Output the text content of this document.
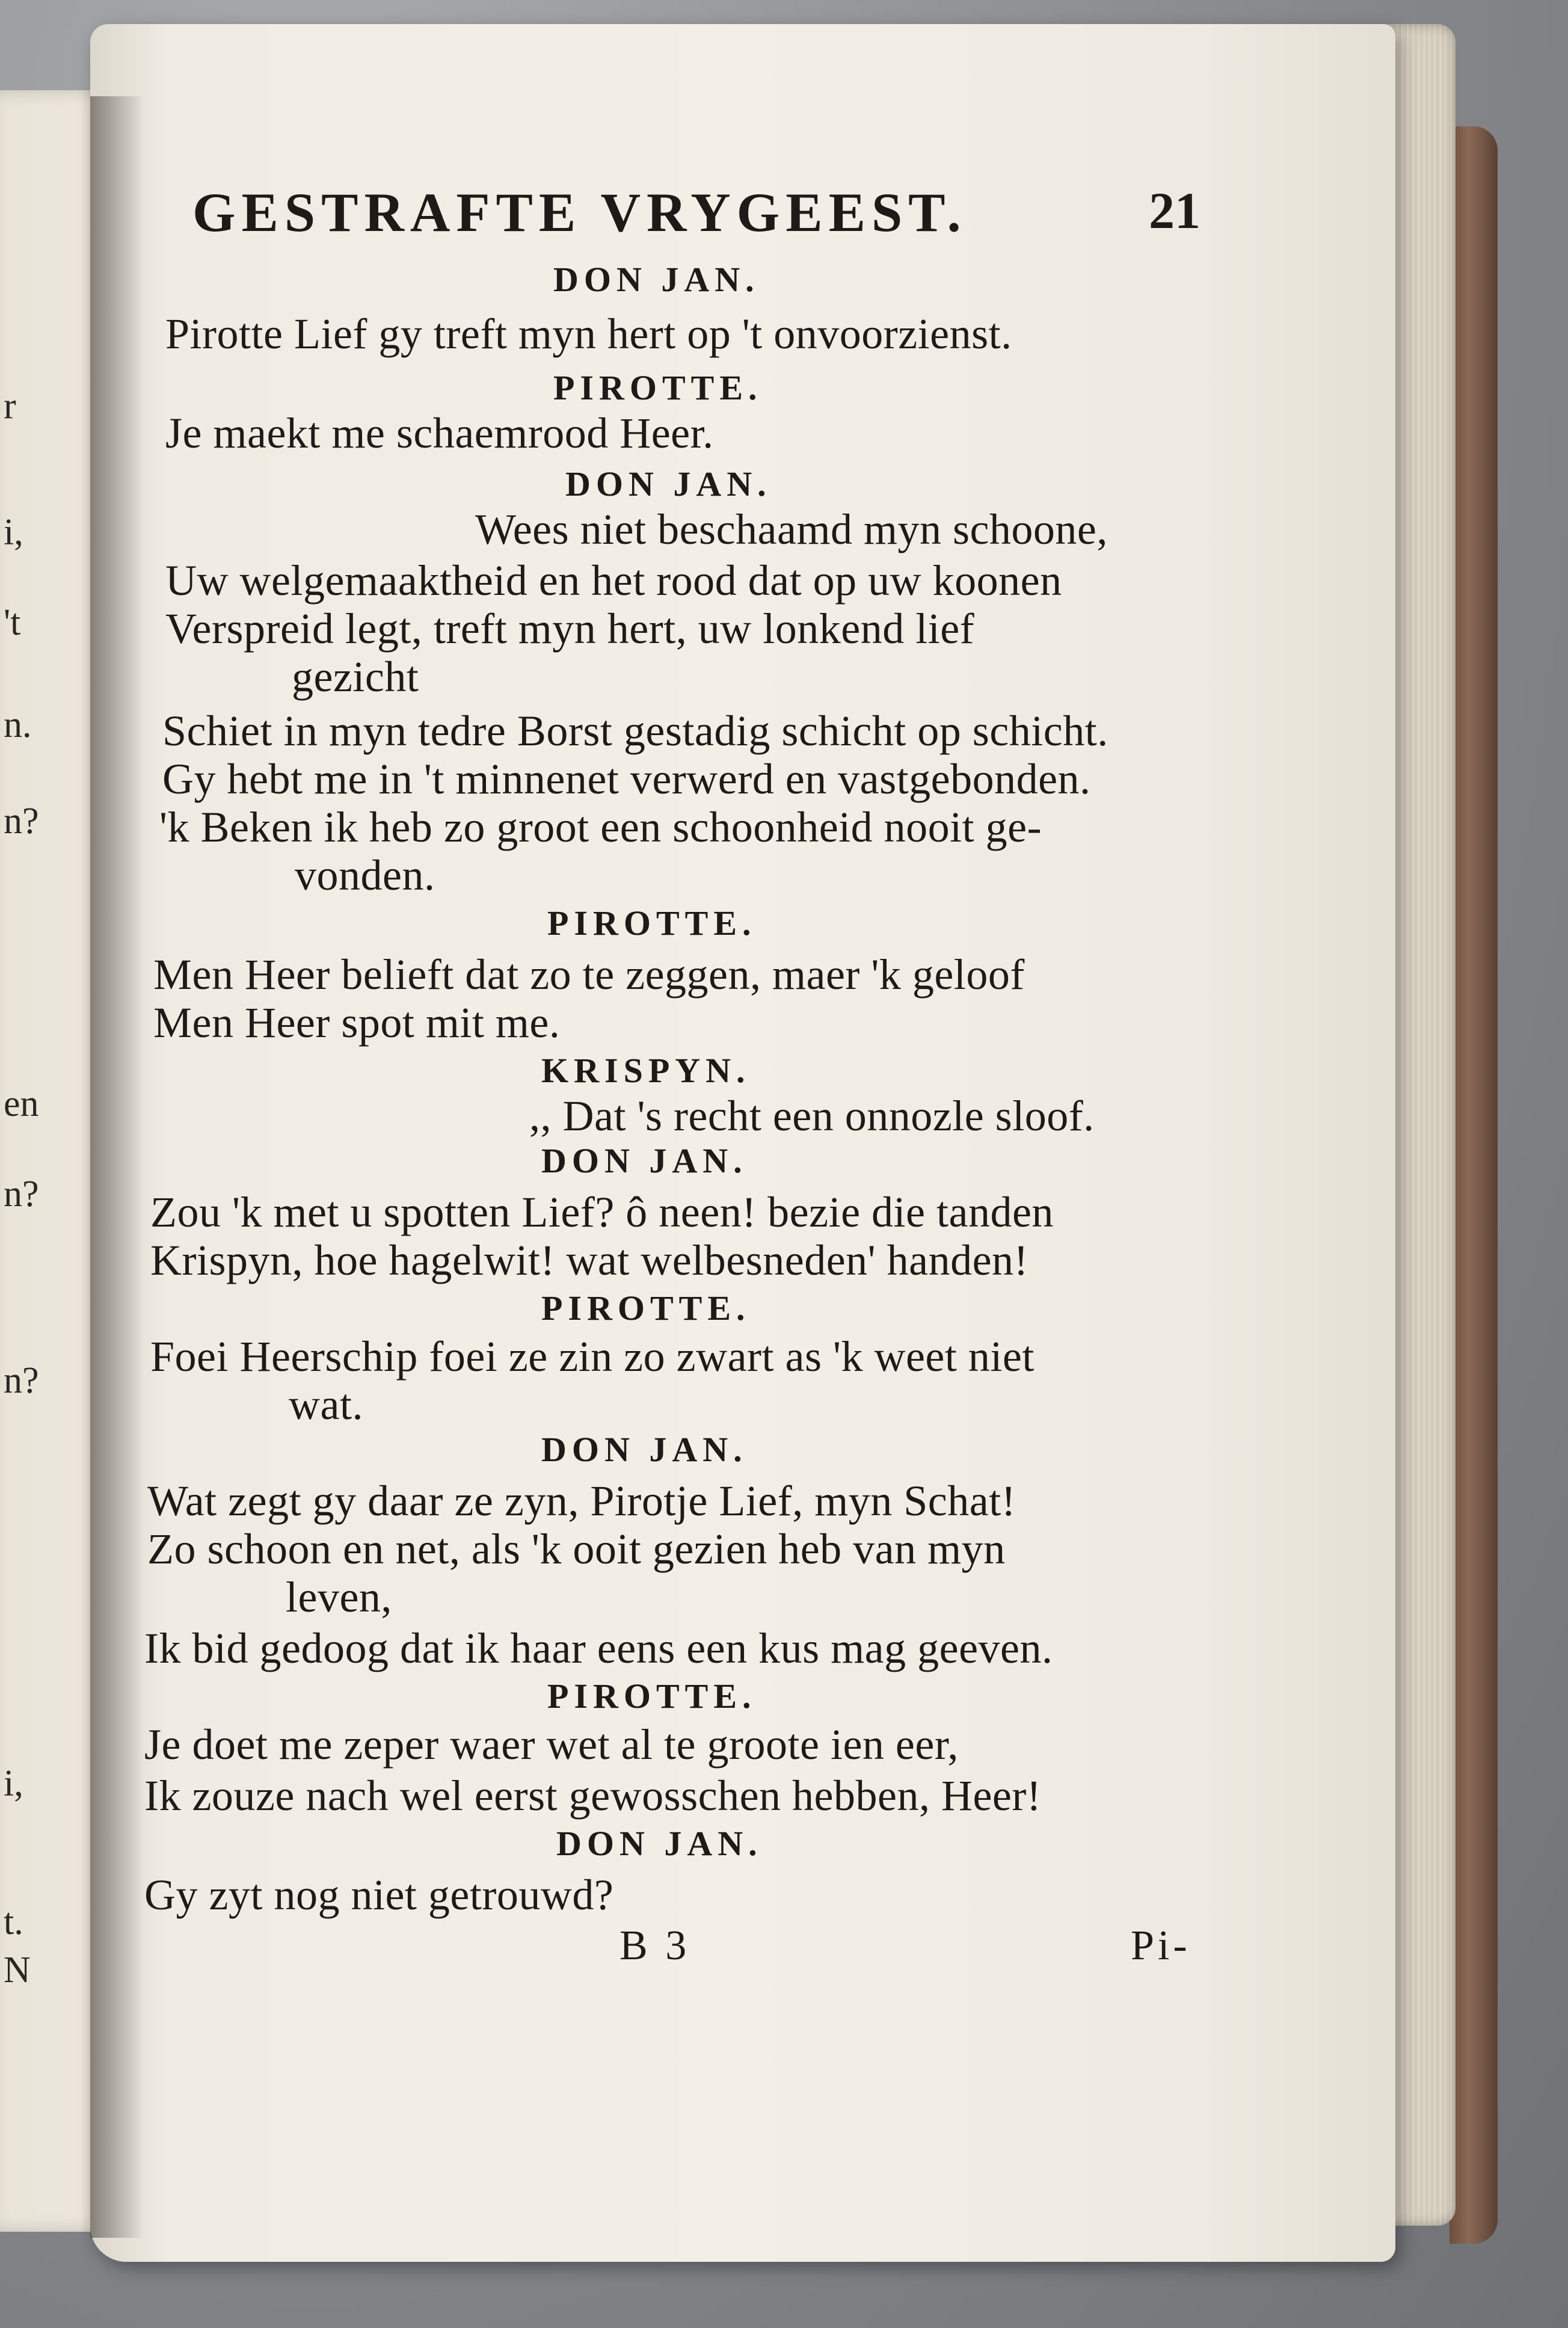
r
i,
't
n.
n?
en
n?
n?
i,
t.
N
GESTRAFTE VRYGEEST.	21
DON JAN.
Pirotte Lief gy treft myn hert op 't onvoorzienst.
PIROTTE.
Je maekt me schaemrood Heer.
DON JAN.
Wees niet beschaamd myn schoone,
Uw welgemaaktheid en het rood dat op uw koonen
Verspreid legt, treft myn hert, uw lonkend lief
gezicht
Schiet in myn tedre Borst gestadig schicht op schicht.
Gy hebt me in 't minnenet verwerd en vastgebonden.
'k Beken ik heb zo groot een schoonheid nooit ge-
vonden.
PIROTTE.
Men Heer belieft dat zo te zeggen, maer 'k geloof
Men Heer spot mit me.
KRISPYN.
,, Dat 's recht een onnozle sloof.
DON JAN.
Zou 'k met u spotten Lief? ô neen! bezie die tanden
Krispyn, hoe hagelwit! wat welbesneden' handen!
PIROTTE.
Foei Heerschip foei ze zin zo zwart as 'k weet niet
wat.
DON JAN.
Wat zegt gy daar ze zyn, Pirotje Lief, myn Schat!
Zo schoon en net, als 'k ooit gezien heb van myn
leven,
Ik bid gedoog dat ik haar eens een kus mag geeven.
PIROTTE.
Je doet me zeper waer wet al te groote ien eer,
Ik zouze nach wel eerst gewosschen hebben, Heer!
DON JAN.
Gy zyt nog niet getrouwd?
B 3	Pi-
